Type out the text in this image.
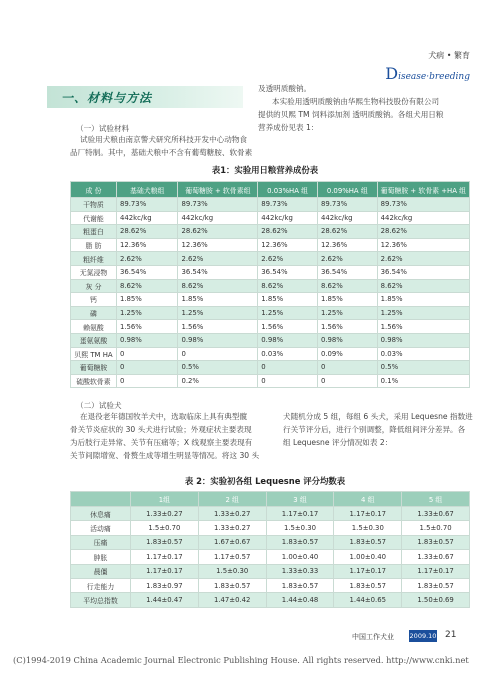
犬病 • 繁育
Disease·breeding
一、材料与方法
（一）试验材料
试验用犬粮由南京警犬研究所科技开发中心动物食
品厂特制。其中，基础犬粮中不含有葡萄糖胺、软骨素
及透明质酸钠。
本实验用透明质酸钠由华熙生物科技股份有限公司
提供的贝熙 TM 饲料添加剂 透明质酸钠。各组犬用日粮
营养成份见表 1：
表1：实验用日粮营养成份表
成 份	基础犬粮组	葡萄糖胺 + 软骨素组	0.03%HA 组	0.09%HA 组	葡萄糖胺 + 软骨素 +HA 组
干物质	89.73%	89.73%	89.73%	89.73%	89.73%
代谢能	442kc/kg	442kc/kg	442kc/kg	442kc/kg	442kc/kg
粗蛋白	28.62%	28.62%	28.62%	28.62%	28.62%
脂 肪	12.36%	12.36%	12.36%	12.36%	12.36%
粗纤维	2.62%	2.62%	2.62%	2.62%	2.62%
无氮浸物	36.54%	36.54%	36.54%	36.54%	36.54%
灰 分	8.62%	8.62%	8.62%	8.62%	8.62%
钙	1.85%	1.85%	1.85%	1.85%	1.85%
磷	1.25%	1.25%	1.25%	1.25%	1.25%
赖氨酸	1.56%	1.56%	1.56%	1.56%	1.56%
蛋氨氨酸	0.98%	0.98%	0.98%	0.98%	0.98%
贝熙 TM HA	0	0	0.03%	0.09%	0.03%
葡萄糖胺	0	0.5%	0	0	0.5%
硫酸软骨素	0	0.2%	0	0	0.1%
（二）试验犬
在退役老年德国牧羊犬中，选取临床上具有典型髋
骨关节炎症状的 30 头犬进行试验；外观症状主要表现
为后肢行走异常、关节有压痛等；X 线观察主要表现有
关节间隙增宽、骨赘生成等增生明显等情况。将这 30 头
犬随机分成 5 组，每组 6 头犬，采用 Lequesne 指数进
行关节评分后，进行个别调整，降低组间评分差异。各
组 Lequesne 评分情况如表 2：
表 2：实验初各组 Lequesne 评分均数表
	1组	2 组	3 组	4 组	5 组
休息痛	1.33±0.27	1.33±0.27	1.17±0.17	1.17±0.17	1.33±0.67
活动痛	1.5±0.70	1.33±0.27	1.5±0.30	1.5±0.30	1.5±0.70
压痛	1.83±0.57	1.67±0.67	1.83±0.57	1.83±0.57	1.83±0.57
肿胀	1.17±0.17	1.17±0.57	1.00±0.40	1.00±0.40	1.33±0.67
晨僵	1.17±0.17	1.5±0.30	1.33±0.33	1.17±0.17	1.17±0.17
行走能力	1.83±0.97	1.83±0.57	1.83±0.57	1.83±0.57	1.83±0.57
平均总指数	1.44±0.47	1.47±0.42	1.44±0.48	1.44±0.65	1.50±0.69
中国工作犬业 2009.10 21
(C)1994-2019 China Academic Journal Electronic Publishing House. All rights reserved. http://www.cnki.net
